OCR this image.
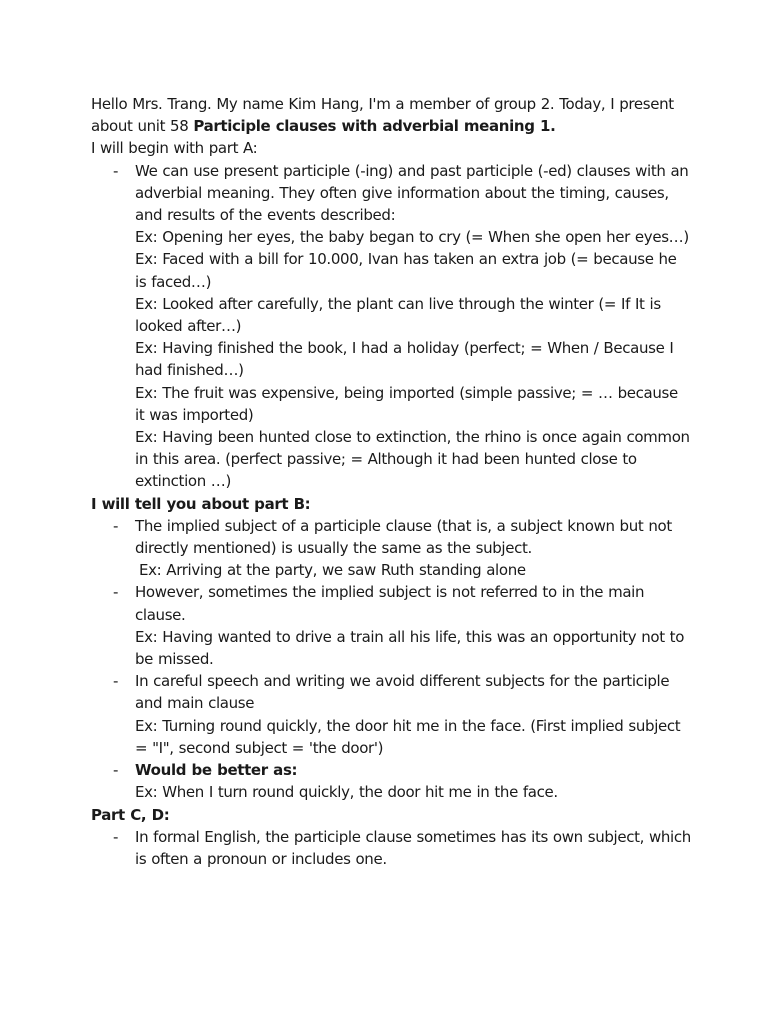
Hello Mrs. Trang. My name Kim Hang, I'm a member of group 2. Today, I present about unit 58 Participle clauses with adverbial meaning 1.

I will begin with part A:

- We can use present participle (-ing) and past participle (-ed) clauses with an adverbial meaning. They often give information about the timing, causes, and results of the events described:

Ex: Opening her eyes, the baby began to cry (= When she open her eyes…)

Ex: Faced with a bill for 10.000, Ivan has taken an extra job (= because he is faced…)

Ex: Looked after carefully, the plant can live through the winter (= If It is looked after…)

Ex: Having finished the book, I had a holiday (perfect; = When / Because I had finished…)

Ex: The fruit was expensive, being imported (simple passive; = … because it was imported)

Ex: Having been hunted close to extinction, the rhino is once again common in this area. (perfect passive; = Although it had been hunted close to extinction …)

I will tell you about part B:

- The implied subject of a participle clause (that is, a subject known but not directly mentioned) is usually the same as the subject.

Ex: Arriving at the party, we saw Ruth standing alone

- However, sometimes the implied subject is not referred to in the main clause.

Ex: Having wanted to drive a train all his life, this was an opportunity not to be missed.

- In careful speech and writing we avoid different subjects for the participle and main clause

Ex: Turning round quickly, the door hit me in the face. (First implied subject = "I", second subject = 'the door')

- Would be better as:

Ex: When I turn round quickly, the door hit me in the face.

Part C, D:

- In formal English, the participle clause sometimes has its own subject, which is often a pronoun or includes one.
